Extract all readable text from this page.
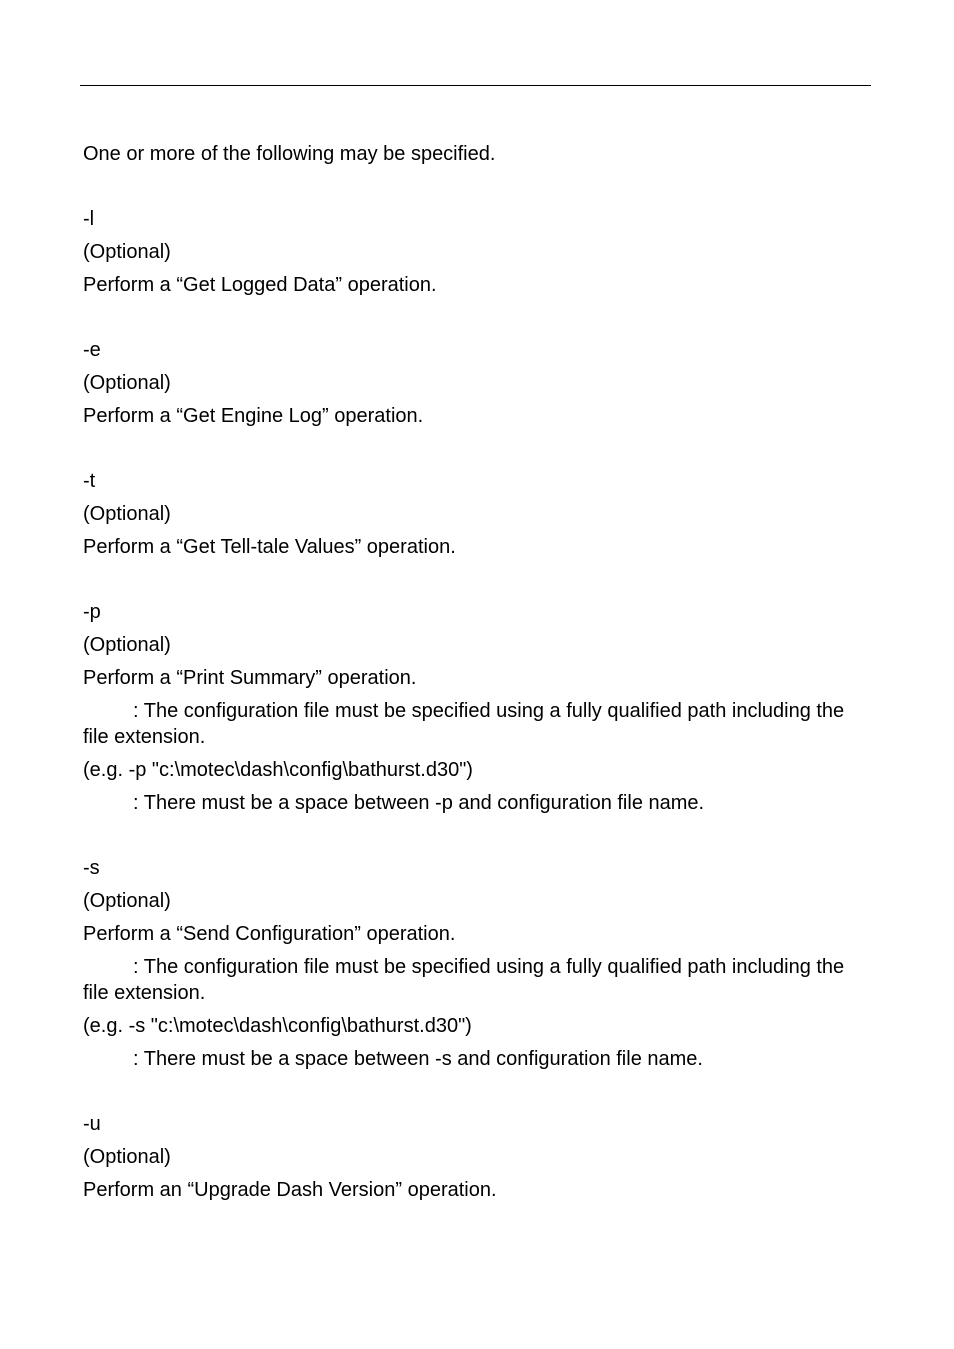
One or more of the following may be specified.

-l
(Optional)
Perform a “Get Logged Data” operation.
-e
(Optional)
Perform a “Get Engine Log” operation.
-t
(Optional)
Perform a “Get Tell-tale Values” operation.
-p
(Optional)
Perform a “Print Summary” operation.
: The configuration file must be specified using a fully qualified path including the file extension.
(e.g. -p "c:\motec\dash\config\bathurst.d30")
: There must be a space between -p and configuration file name.
-s
(Optional)
Perform a “Send Configuration” operation.
: The configuration file must be specified using a fully qualified path including the file extension.
(e.g. -s "c:\motec\dash\config\bathurst.d30")
: There must be a space between -s and configuration file name.
-u
(Optional)
Perform an “Upgrade Dash Version” operation.
